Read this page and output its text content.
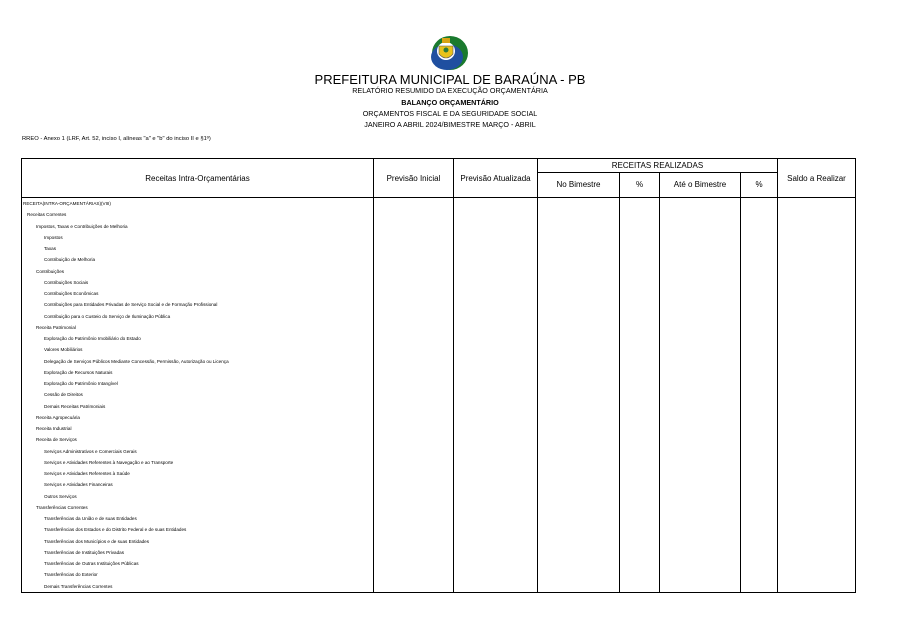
PREFEITURA MUNICIPAL DE BARAÚNA - PB
RELATÓRIO RESUMIDO DA EXECUÇÃO ORÇAMENTÁRIA
BALANÇO ORÇAMENTÁRIO
ORÇAMENTOS FISCAL E DA SEGURIDADE SOCIAL
JANEIRO A ABRIL 2024/BIMESTRE MARÇO - ABRIL
RREO - Anexo 1 (LRF, Art. 52, inciso I, alíneas "a" e "b" do inciso II e §1º)
Receitas Intra-Orçamentárias	Previsão Inicial	Previsão Atualizada	RECEITAS REALIZADAS				Saldo a Realizar
			No Bimestre	%	Até o Bimestre	%	
RECEITA(INTRA-ORÇAMENTÁRIAS)(VIII)							
Receitas Correntes							
Impostos, Taxas e Contribuições de Melhoria							
Impostos							
Taxas							
Contribuição de Melhoria							
Contribuições							
Contribuições Sociais							
Contribuições Econômicas							
Contribuições para Entidades Privadas de Serviço Social e de Formação Profissional							
Contribuição para o Custeio do Serviço de Iluminação Pública							
Receita Patrimonial							
Exploração do Patrimônio Imobiliário do Estado							
Valores Mobiliários							
Delegação de Serviços Públicos Mediante Concessão, Permissão, Autorização ou Licença							
Exploração de Recursos Naturais							
Exploração do Patrimônio Intangível							
Cessão de Direitos							
Demais Receitas Patrimoniais							
Receita Agropecuária							
Receita Industrial							
Receita de Serviços							
Serviços Administrativos e Comerciais Gerais							
Serviços e Atividades Referentes à Navegação e ao Transporte							
Serviços e Atividades Referentes à Saúde							
Serviços e Atividades Financeiras							
Outros Serviços							
Transferências Correntes							
Transferências da União e de suas Entidades							
Transferências dos Estados e do Distrito Federal e de suas Entidades							
Transferências dos Municípios e de suas Entidades							
Transferências de Instituições Privadas							
Transferências de Outras Instituições Públicas							
Transferências do Exterior							
Demais Transferências Correntes							
